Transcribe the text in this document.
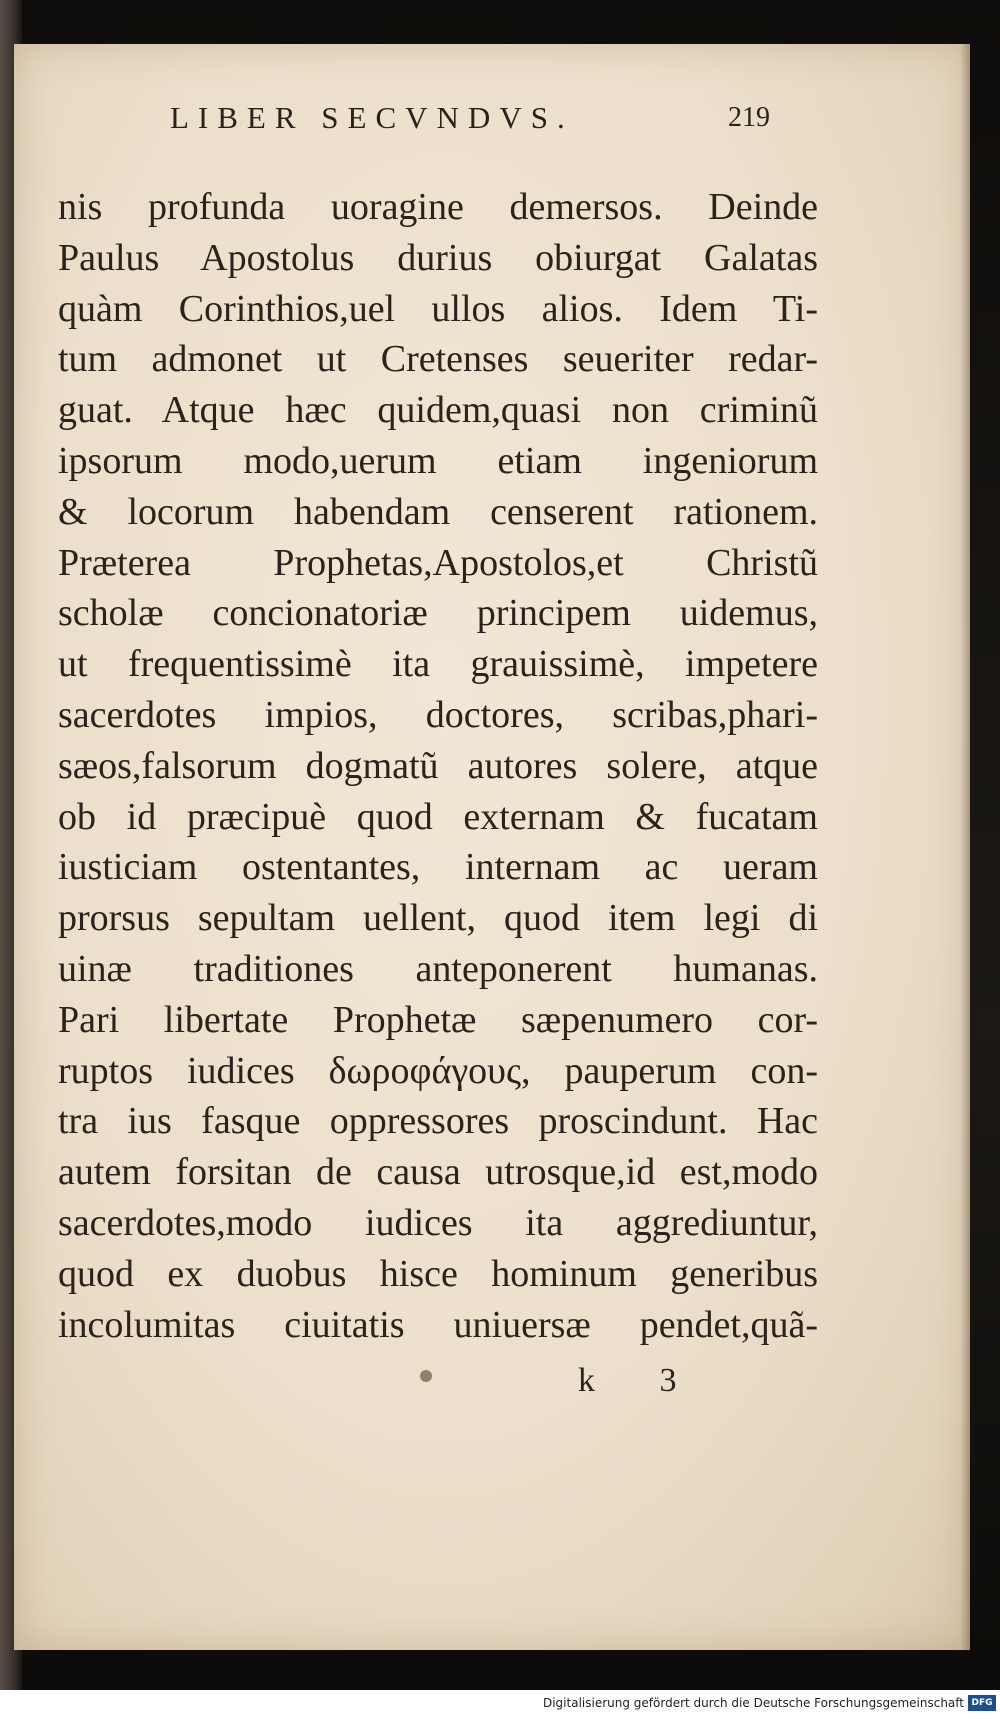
LIBER SECVNDVS.	219
nis profunda uoragine demersos. Deinde
Paulus Apostolus durius obiurgat Galatas
quàm Corinthios,uel ullos alios. Idem Ti-
tum admonet ut Cretenses seueriter redar-
guat. Atque hæc quidem,quasi non criminũ
ipsorum modo,uerum etiam ingeniorum
& locorum habendam censerent rationem.
Præterea Prophetas,Apostolos,et Christũ
scholæ concionatoriæ principem uidemus,
ut frequentissimè ita grauissimè, impetere
sacerdotes impios, doctores, scribas,phari-
sæos,falsorum dogmatũ autores solere, atque
ob id præcipuè quod externam & fucatam
iusticiam ostentantes, internam ac ueram
prorsus sepultam uellent, quod item legi di
uinæ traditiones anteponerent humanas.
Pari libertate Prophetæ sæpenumero cor-
ruptos iudices δωροφάγους, pauperum con-
tra ius fasque oppressores proscindunt. Hac
autem forsitan de causa utrosque,id est,modo
sacerdotes,modo iudices ita aggrediuntur,
quod ex duobus hisce hominum generibus
incolumitas ciuitatis uniuersæ pendet,quã-
k 3
Digitalisierung gefördert durch die Deutsche Forschungsgemeinschaft DFG
